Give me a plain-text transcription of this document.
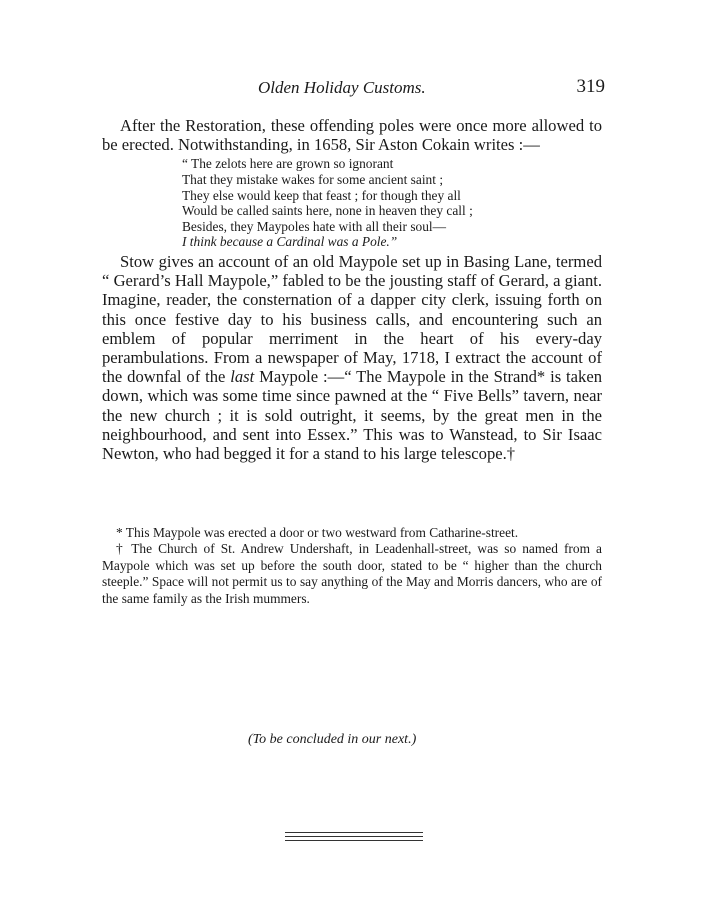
Olden Holiday Customs.	319

After the Restoration, these offending poles were once more allowed to be erected. Notwithstanding, in 1658, Sir Aston Cokain writes :—

“ The zelots here are grown so ignorant
That they mistake wakes for some ancient saint ;
They else would keep that feast ; for though they all
Would be called saints here, none in heaven they call ;
Besides, they Maypoles hate with all their soul—
I think because a Cardinal was a Pole.”

Stow gives an account of an old Maypole set up in Basing Lane, termed “ Gerard’s Hall Maypole,” fabled to be the jousting staff of Gerard, a giant. Imagine, reader, the consternation of a dapper city clerk, issuing forth on this once festive day to his business calls, and encountering such an emblem of popular merriment in the heart of his every-day perambulations. From a newspaper of May, 1718, I extract the account of the downfal of the last Maypole :—“ The Maypole in the Strand* is taken down, which was some time since pawned at the “ Five Bells” tavern, near the new church ; it is sold outright, it seems, by the great men in the neighbourhood, and sent into Essex.” This was to Wanstead, to Sir Isaac Newton, who had begged it for a stand to his large telescope.†

* This Maypole was erected a door or two westward from Catharine-street.

† The Church of St. Andrew Undershaft, in Leadenhall-street, was so named from a Maypole which was set up before the south door, stated to be “ higher than the church steeple.” Space will not permit us to say anything of the May and Morris dancers, who are of the same family as the Irish mummers.

(To be concluded in our next.)
